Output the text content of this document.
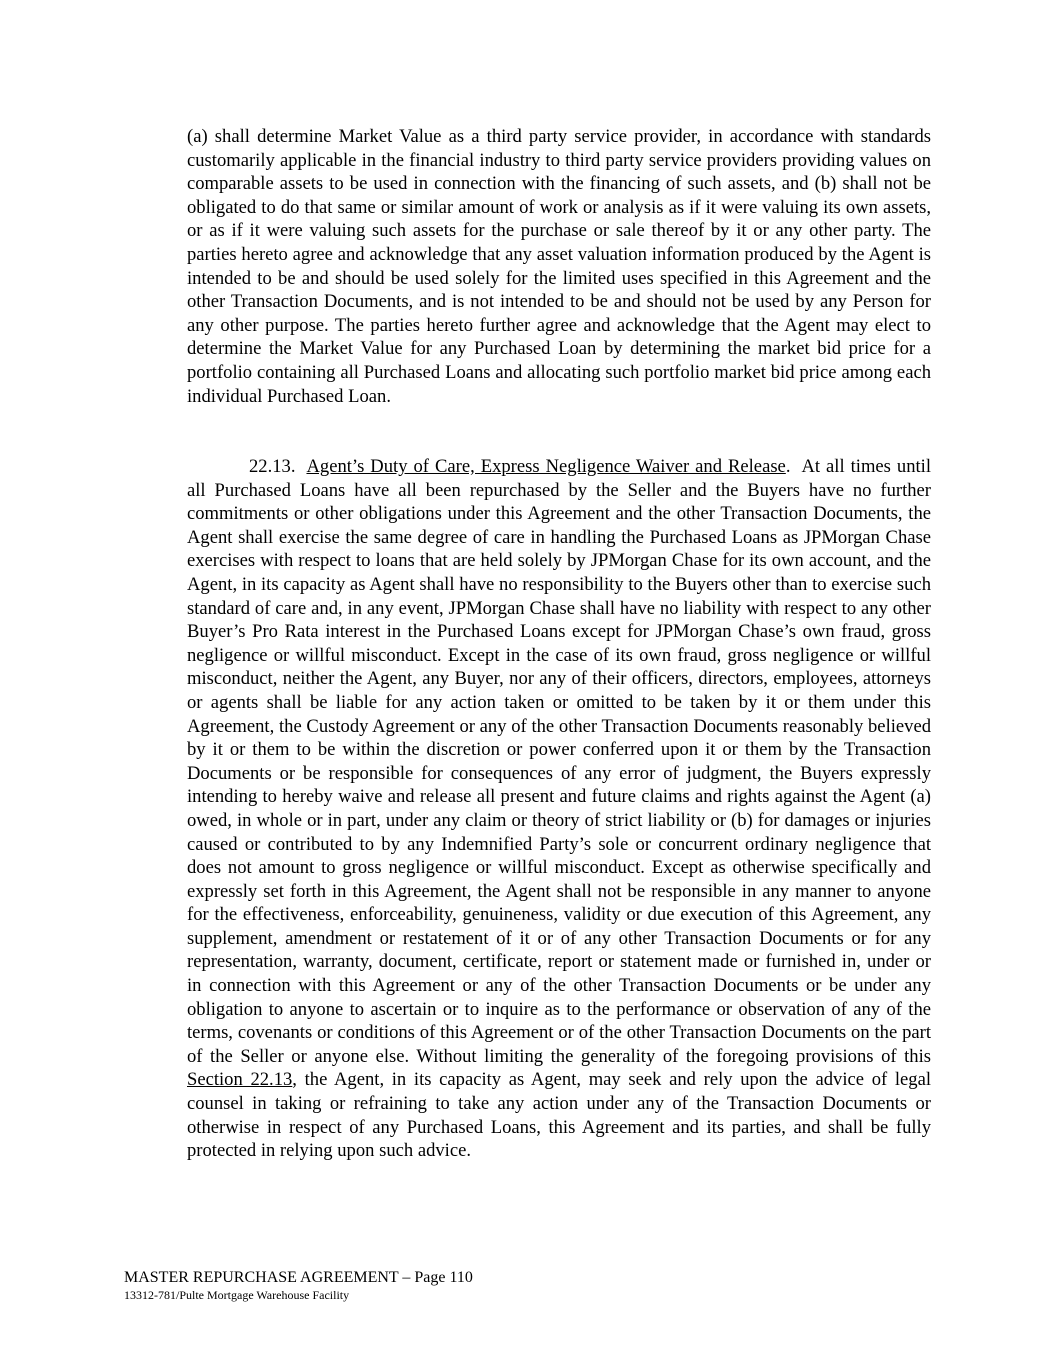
(a) shall determine Market Value as a third party service provider, in accordance with standards customarily applicable in the financial industry to third party service providers providing values on comparable assets to be used in connection with the financing of such assets, and (b) shall not be obligated to do that same or similar amount of work or analysis as if it were valuing its own assets, or as if it were valuing such assets for the purchase or sale thereof by it or any other party. The parties hereto agree and acknowledge that any asset valuation information produced by the Agent is intended to be and should be used solely for the limited uses specified in this Agreement and the other Transaction Documents, and is not intended to be and should not be used by any Person for any other purpose. The parties hereto further agree and acknowledge that the Agent may elect to determine the Market Value for any Purchased Loan by determining the market bid price for a portfolio containing all Purchased Loans and allocating such portfolio market bid price among each individual Purchased Loan.

22.13. Agent’s Duty of Care, Express Negligence Waiver and Release. At all times until all Purchased Loans have all been repurchased by the Seller and the Buyers have no further commitments or other obligations under this Agreement and the other Transaction Documents, the Agent shall exercise the same degree of care in handling the Purchased Loans as JPMorgan Chase exercises with respect to loans that are held solely by JPMorgan Chase for its own account, and the Agent, in its capacity as Agent shall have no responsibility to the Buyers other than to exercise such standard of care and, in any event, JPMorgan Chase shall have no liability with respect to any other Buyer’s Pro Rata interest in the Purchased Loans except for JPMorgan Chase’s own fraud, gross negligence or willful misconduct. Except in the case of its own fraud, gross negligence or willful misconduct, neither the Agent, any Buyer, nor any of their officers, directors, employees, attorneys or agents shall be liable for any action taken or omitted to be taken by it or them under this Agreement, the Custody Agreement or any of the other Transaction Documents reasonably believed by it or them to be within the discretion or power conferred upon it or them by the Transaction Documents or be responsible for consequences of any error of judgment, the Buyers expressly intending to hereby waive and release all present and future claims and rights against the Agent (a) owed, in whole or in part, under any claim or theory of strict liability or (b) for damages or injuries caused or contributed to by any Indemnified Party’s sole or concurrent ordinary negligence that does not amount to gross negligence or willful misconduct. Except as otherwise specifically and expressly set forth in this Agreement, the Agent shall not be responsible in any manner to anyone for the effectiveness, enforceability, genuineness, validity or due execution of this Agreement, any supplement, amendment or restatement of it or of any other Transaction Documents or for any representation, warranty, document, certificate, report or statement made or furnished in, under or in connection with this Agreement or any of the other Transaction Documents or be under any obligation to anyone to ascertain or to inquire as to the performance or observation of any of the terms, covenants or conditions of this Agreement or of the other Transaction Documents on the part of the Seller or anyone else. Without limiting the generality of the foregoing provisions of this Section 22.13, the Agent, in its capacity as Agent, may seek and rely upon the advice of legal counsel in taking or refraining to take any action under any of the Transaction Documents or otherwise in respect of any Purchased Loans, this Agreement and its parties, and shall be fully protected in relying upon such advice.

MASTER REPURCHASE AGREEMENT – Page 110
13312-781/Pulte Mortgage Warehouse Facility
